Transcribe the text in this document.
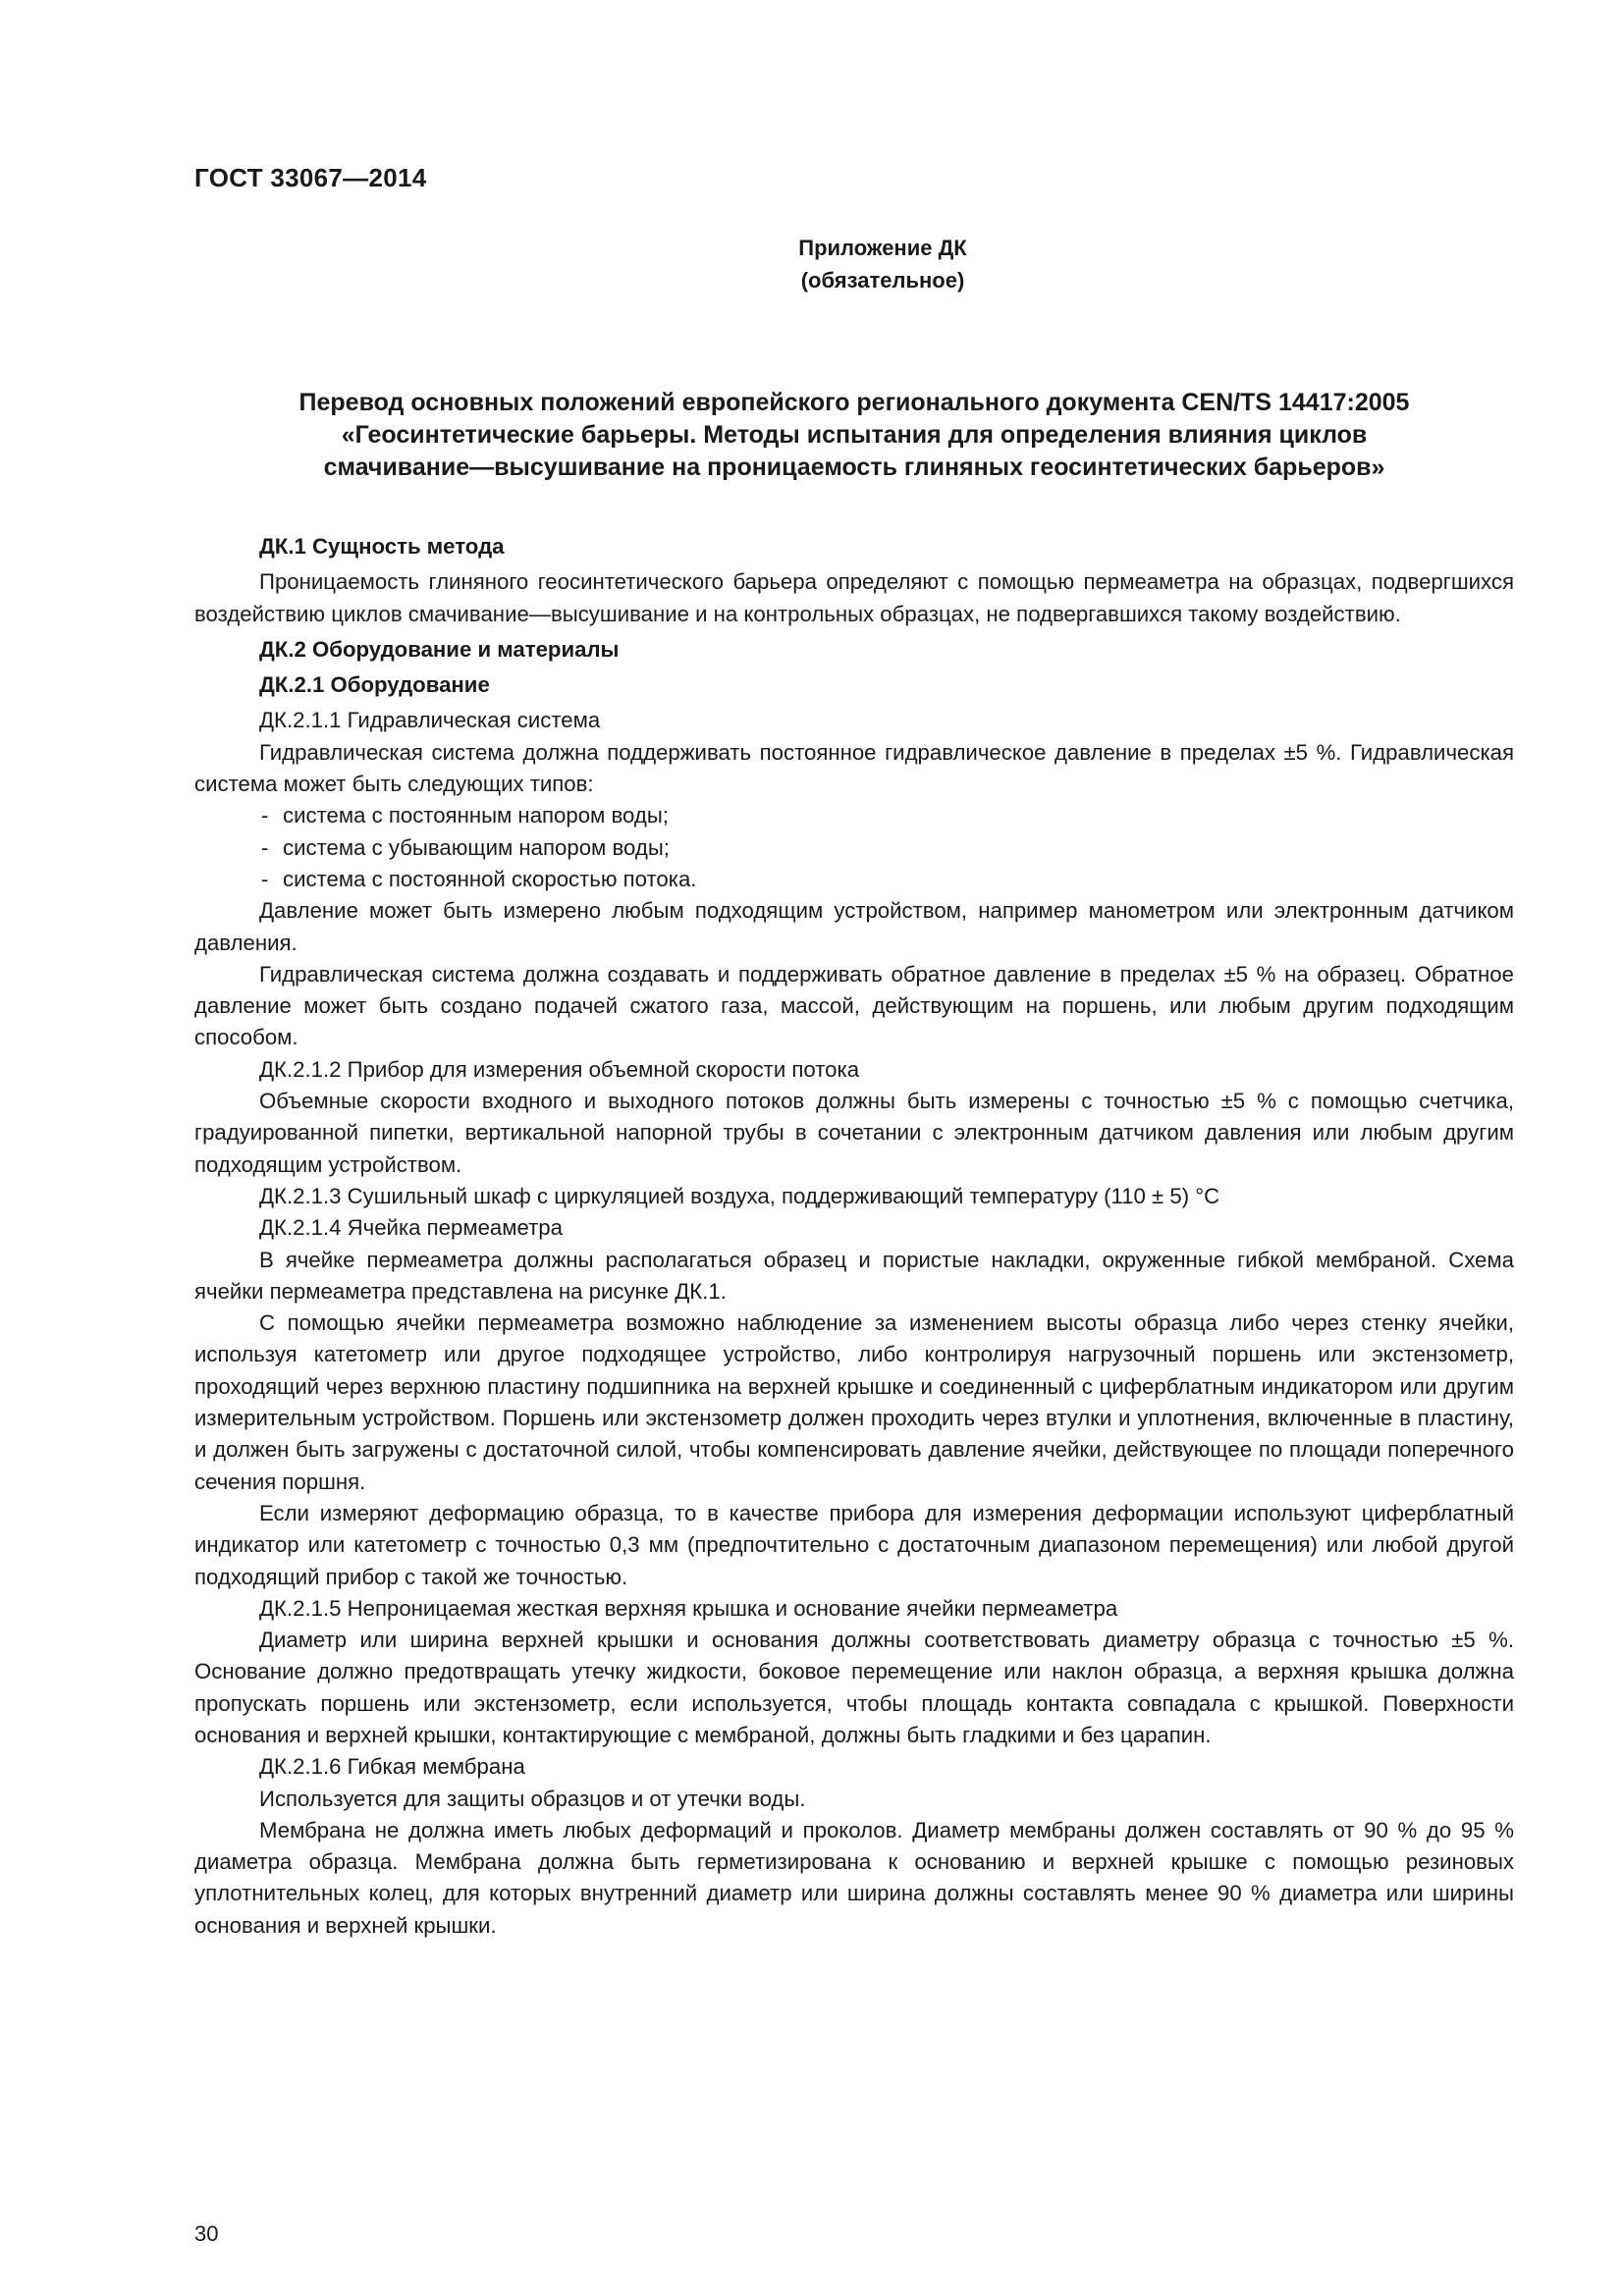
ГОСТ 33067—2014
Приложение ДК
(обязательное)
Перевод основных положений европейского регионального документа CEN/TS 14417:2005
«Геосинтетические барьеры. Методы испытания для определения влияния циклов
смачивание—высушивание на проницаемость глиняных геосинтетических барьеров»

ДК.1 Сущность метода

Проницаемость глиняного геосинтетического барьера определяют с помощью пермеаметра на образцах, подвергшихся воздействию циклов смачивание—высушивание и на контрольных образцах, не подвергавшихся такому воздействию.

ДК.2 Оборудование и материалы

ДК.2.1 Оборудование

ДК.2.1.1 Гидравлическая система

Гидравлическая система должна поддерживать постоянное гидравлическое давление в пределах ±5 %. Гидравлическая система может быть следующих типов:

- система с постоянным напором воды;

- система с убывающим напором воды;

- система с постоянной скоростью потока.

Давление может быть измерено любым подходящим устройством, например манометром или электронным датчиком давления.

Гидравлическая система должна создавать и поддерживать обратное давление в пределах ±5 % на образец. Обратное давление может быть создано подачей сжатого газа, массой, действующим на поршень, или любым другим подходящим способом.

ДК.2.1.2 Прибор для измерения объемной скорости потока

Объемные скорости входного и выходного потоков должны быть измерены с точностью ±5 % с помощью счетчика, градуированной пипетки, вертикальной напорной трубы в сочетании с электронным датчиком давления или любым другим подходящим устройством.

ДК.2.1.3 Сушильный шкаф с циркуляцией воздуха, поддерживающий температуру (110 ± 5) °С

ДК.2.1.4 Ячейка пермеаметра

В ячейке пермеаметра должны располагаться образец и пористые накладки, окруженные гибкой мембраной. Схема ячейки пермеаметра представлена на рисунке ДК.1.

С помощью ячейки пермеаметра возможно наблюдение за изменением высоты образца либо через стенку ячейки, используя катетометр или другое подходящее устройство, либо контролируя нагрузочный поршень или экстензометр, проходящий через верхнюю пластину подшипника на верхней крышке и соединенный с циферблатным индикатором или другим измерительным устройством. Поршень или экстензометр должен проходить через втулки и уплотнения, включенные в пластину, и должен быть загружены с достаточной силой, чтобы компенсировать давление ячейки, действующее по площади поперечного сечения поршня.

Если измеряют деформацию образца, то в качестве прибора для измерения деформации используют циферблатный индикатор или катетометр с точностью 0,3 мм (предпочтительно с достаточным диапазоном перемещения) или любой другой подходящий прибор с такой же точностью.

ДК.2.1.5 Непроницаемая жесткая верхняя крышка и основание ячейки пермеаметра

Диаметр или ширина верхней крышки и основания должны соответствовать диаметру образца с точностью ±5 %. Основание должно предотвращать утечку жидкости, боковое перемещение или наклон образца, а верхняя крышка должна пропускать поршень или экстензометр, если используется, чтобы площадь контакта совпадала с крышкой. Поверхности основания и верхней крышки, контактирующие с мембраной, должны быть гладкими и без царапин.

ДК.2.1.6 Гибкая мембрана

Используется для защиты образцов и от утечки воды.

Мембрана не должна иметь любых деформаций и проколов. Диаметр мембраны должен составлять от 90 % до 95 % диаметра образца. Мембрана должна быть герметизирована к основанию и верхней крышке с помощью резиновых уплотнительных колец, для которых внутренний диаметр или ширина должны составлять менее 90 % диаметра или ширины основания и верхней крышки.

30
